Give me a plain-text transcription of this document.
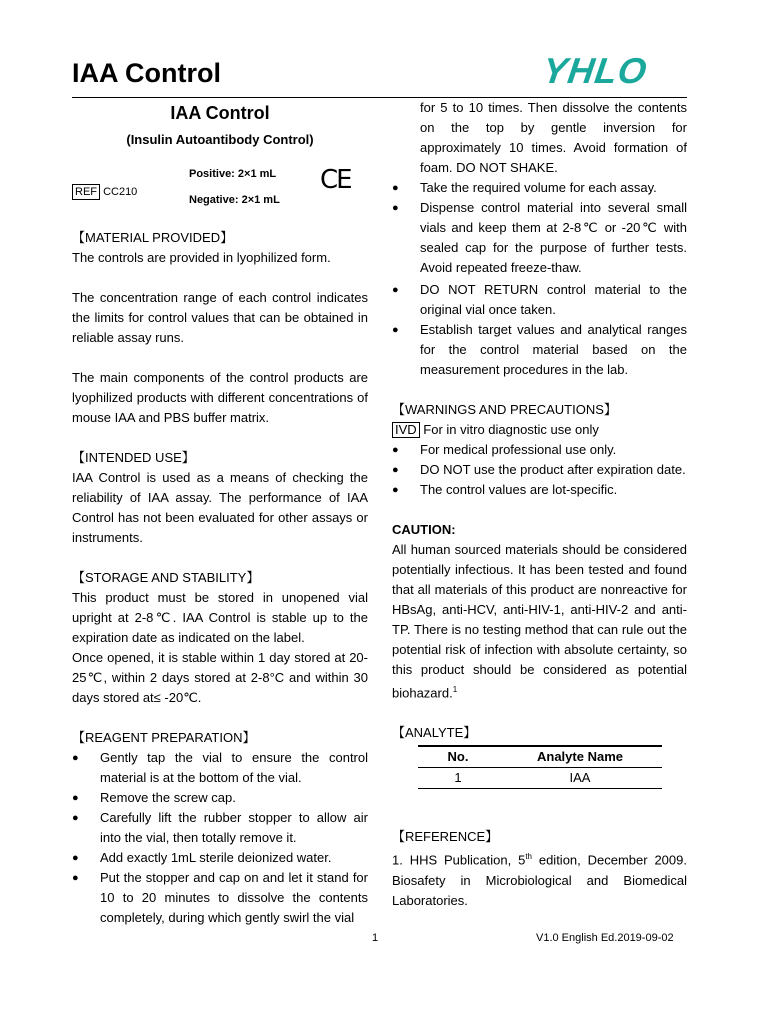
IAA Control	YHLO
IAA Control
(Insulin Autoantibody Control)
REF CC210
Positive: 2×1 mL
Negative: 2×1 mL
CE

【MATERIAL PROVIDED】

The controls are provided in lyophilized form.

The concentration range of each control indicates the limits for control values that can be obtained in reliable assay runs.

The main components of the control products are lyophilized products with different concentrations of mouse IAA and PBS buffer matrix.

【INTENDED USE】

IAA Control is used as a means of checking the reliability of IAA assay. The performance of IAA Control has not been evaluated for other assays or instruments.

【STORAGE AND STABILITY】

This product must be stored in unopened vial upright at 2-8℃. IAA Control is stable up to the expiration date as indicated on the label.

Once opened, it is stable within 1 day stored at 20-25℃, within 2 days stored at 2-8°C and within 30 days stored at≤ -20℃.

【REAGENT PREPARATION】

● Gently tap the vial to ensure the control material is at the bottom of the vial.
● Remove the screw cap.
● Carefully lift the rubber stopper to allow air into the vial, then totally remove it.
● Add exactly 1mL sterile deionized water.
● Put the stopper and cap on and let it stand for 10 to 20 minutes to dissolve the contents completely, during which gently swirl the vial

for 5 to 10 times. Then dissolve the contents on the top by gentle inversion for approximately 10 times. Avoid formation of foam. DO NOT SHAKE.

● Take the required volume for each assay.
● Dispense control material into several small vials and keep them at 2-8℃ or -20℃ with sealed cap for the purpose of further tests. Avoid repeated freeze-thaw.
● DO NOT RETURN control material to the original vial once taken.
● Establish target values and analytical ranges for the control material based on the measurement procedures in the lab.

【WARNINGS AND PRECAUTIONS】

IVD For in vitro diagnostic use only

● For medical professional use only.
● DO NOT use the product after expiration date.
● The control values are lot-specific.

CAUTION:

All human sourced materials should be considered potentially infectious. It has been tested and found that all materials of this product are nonreactive for HBsAg, anti-HCV, anti-HIV-1, anti-HIV-2 and anti-TP. There is no testing method that can rule out the potential risk of infection with absolute certainty, so this product should be considered as potential biohazard.$^1$

【ANALYTE】

No.	Analyte Name
1	IAA

【REFERENCE】

1. HHS Publication, 5th edition, December 2009. Biosafety in Microbiological and Biomedical Laboratories.

1	V1.0 English Ed.2019-09-02
